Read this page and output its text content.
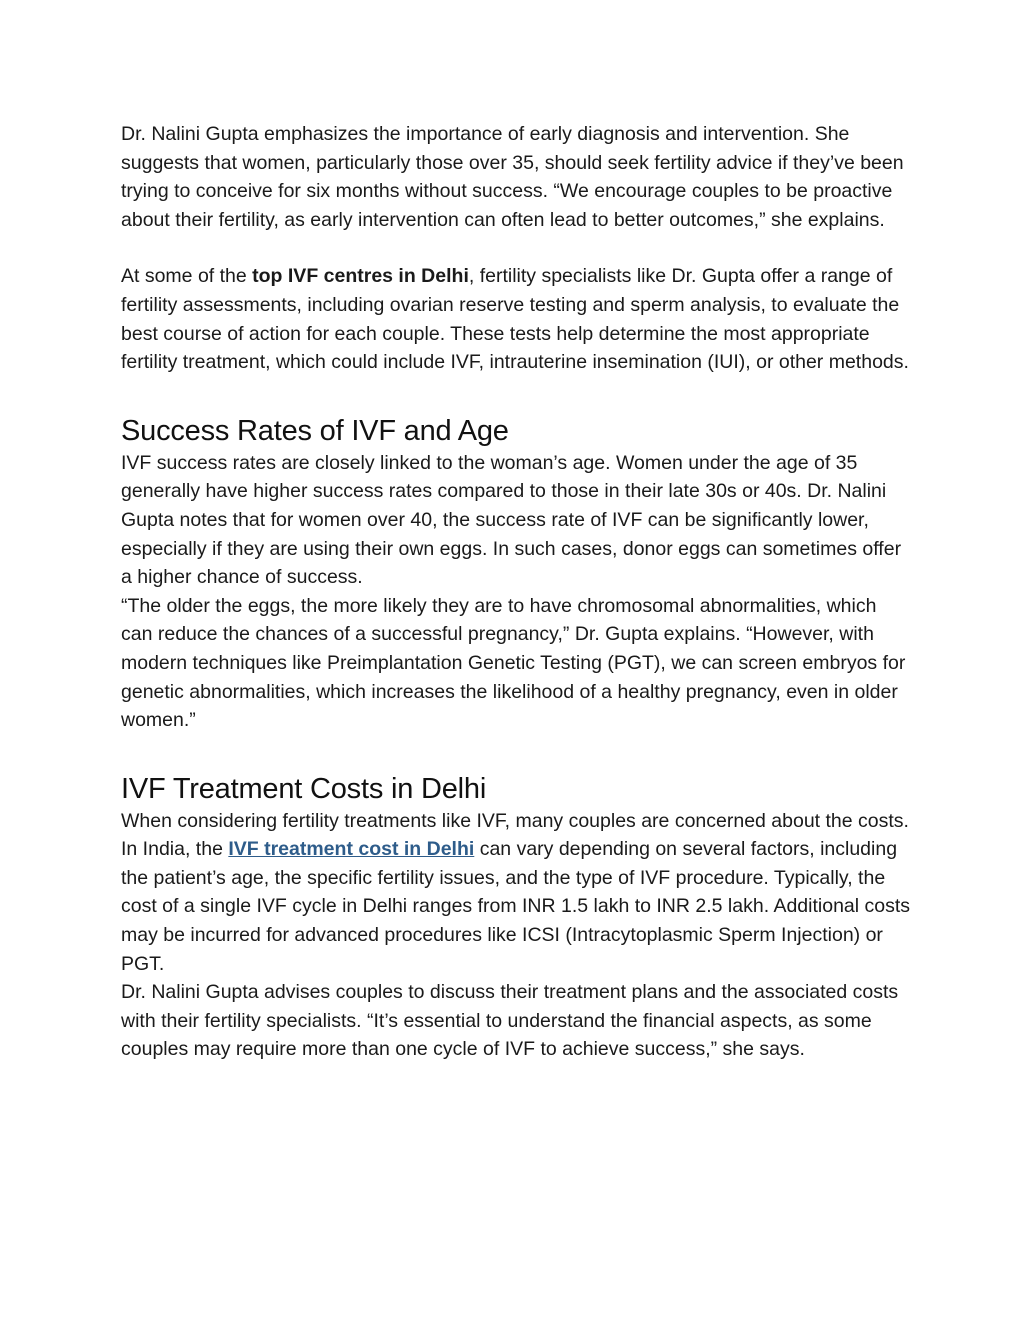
Dr. Nalini Gupta emphasizes the importance of early diagnosis and intervention. She suggests that women, particularly those over 35, should seek fertility advice if they’ve been trying to conceive for six months without success. “We encourage couples to be proactive about their fertility, as early intervention can often lead to better outcomes,” she explains.

At some of the top IVF centres in Delhi, fertility specialists like Dr. Gupta offer a range of fertility assessments, including ovarian reserve testing and sperm analysis, to evaluate the best course of action for each couple. These tests help determine the most appropriate fertility treatment, which could include IVF, intrauterine insemination (IUI), or other methods.

Success Rates of IVF and Age

IVF success rates are closely linked to the woman’s age. Women under the age of 35 generally have higher success rates compared to those in their late 30s or 40s. Dr. Nalini Gupta notes that for women over 40, the success rate of IVF can be significantly lower, especially if they are using their own eggs. In such cases, donor eggs can sometimes offer a higher chance of success.

“The older the eggs, the more likely they are to have chromosomal abnormalities, which can reduce the chances of a successful pregnancy,” Dr. Gupta explains. “However, with modern techniques like Preimplantation Genetic Testing (PGT), we can screen embryos for genetic abnormalities, which increases the likelihood of a healthy pregnancy, even in older women.”

IVF Treatment Costs in Delhi

When considering fertility treatments like IVF, many couples are concerned about the costs. In India, the IVF treatment cost in Delhi can vary depending on several factors, including the patient’s age, the specific fertility issues, and the type of IVF procedure. Typically, the cost of a single IVF cycle in Delhi ranges from INR 1.5 lakh to INR 2.5 lakh. Additional costs may be incurred for advanced procedures like ICSI (Intracytoplasmic Sperm Injection) or PGT.

Dr. Nalini Gupta advises couples to discuss their treatment plans and the associated costs with their fertility specialists. “It’s essential to understand the financial aspects, as some couples may require more than one cycle of IVF to achieve success,” she says.
